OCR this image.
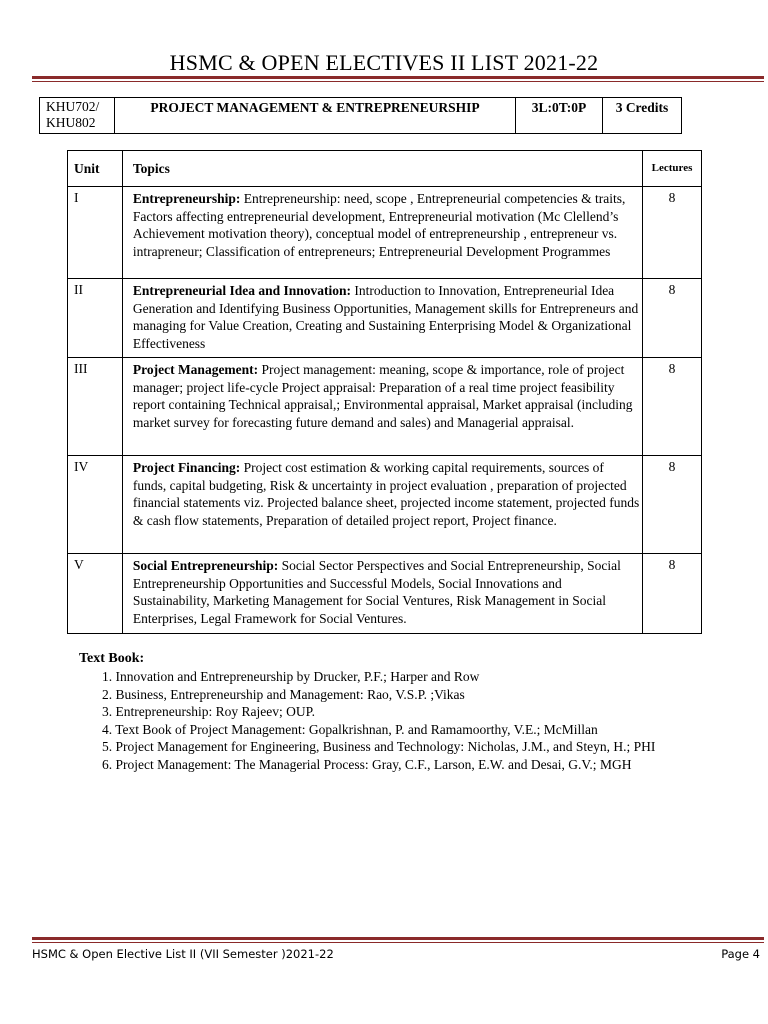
HSMC & OPEN ELECTIVES II LIST 2021-22
KHU702/
KHU802	PROJECT MANAGEMENT & ENTREPRENEURSHIP	3L:0T:0P	3 Credits
Unit	Topics	Lectures
I	Entrepreneurship: Entrepreneurship: need, scope , Entrepreneurial competencies & traits, Factors affecting entrepreneurial development, Entrepreneurial motivation (Mc Clellend’s Achievement motivation theory), conceptual model of entrepreneurship , entrepreneur vs. intrapreneur; Classification of entrepreneurs; Entrepreneurial Development Programmes	8
II	Entrepreneurial Idea and Innovation: Introduction to Innovation, Entrepreneurial Idea Generation and Identifying Business Opportunities, Management skills for Entrepreneurs and managing for Value Creation, Creating and Sustaining Enterprising Model & Organizational Effectiveness	8
III	Project Management: Project management: meaning, scope & importance, role of project manager; project life-cycle Project appraisal: Preparation of a real time project feasibility report containing Technical appraisal,; Environmental appraisal, Market appraisal (including market survey for forecasting future demand and sales) and Managerial appraisal.	8
IV	Project Financing: Project cost estimation & working capital requirements, sources of funds, capital budgeting, Risk & uncertainty in project evaluation , preparation of projected financial statements viz. Projected balance sheet, projected income statement, projected funds & cash flow statements, Preparation of detailed project report, Project finance.	8
V	Social Entrepreneurship: Social Sector Perspectives and Social Entrepreneurship, Social Entrepreneurship Opportunities and Successful Models, Social Innovations and Sustainability, Marketing Management for Social Ventures, Risk Management in Social Enterprises, Legal Framework for Social Ventures.	8
Text Book:
1. Innovation and Entrepreneurship by Drucker, P.F.; Harper and Row
2. Business, Entrepreneurship and Management: Rao, V.S.P. ;Vikas
3. Entrepreneurship: Roy Rajeev; OUP.
4. Text Book of Project Management: Gopalkrishnan, P. and Ramamoorthy, V.E.; McMillan
5. Project Management for Engineering, Business and Technology: Nicholas, J.M., and Steyn, H.; PHI
6. Project Management: The Managerial Process: Gray, C.F., Larson, E.W. and Desai, G.V.; MGH
HSMC & Open Elective List II (VII Semester )2021-22	Page 4
